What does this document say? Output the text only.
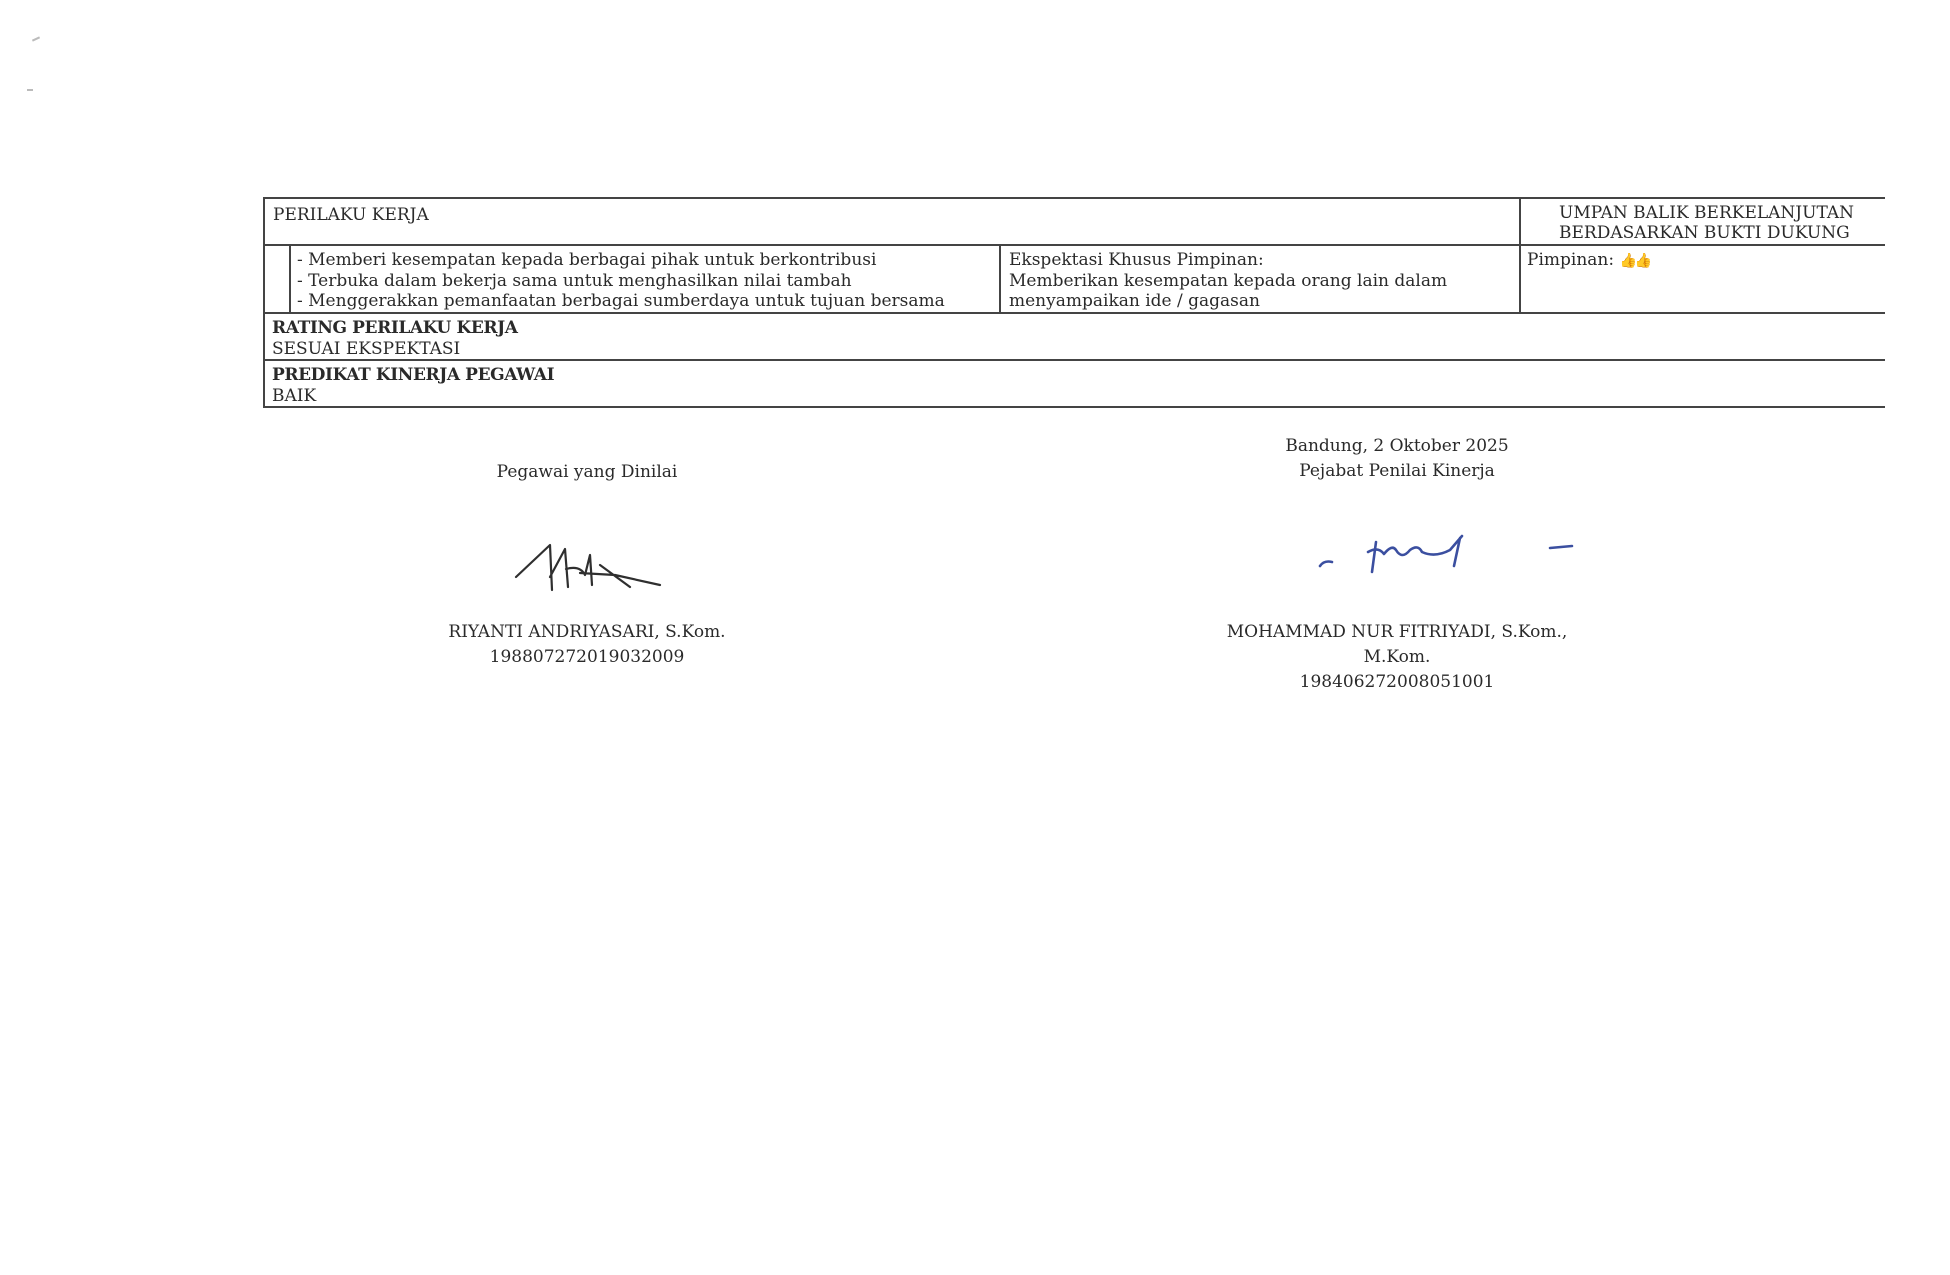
PERILAKU KERJA	UMPAN BALIK BERKELANJUTAN
BERDASARKAN BUKTI DUKUNG
- Memberi kesempatan kepada berbagai pihak untuk berkontribusi
- Terbuka dalam bekerja sama untuk menghasilkan nilai tambah
- Menggerakkan pemanfaatan berbagai sumberdaya untuk tujuan bersama
Ekspektasi Khusus Pimpinan:
Memberikan kesempatan kepada orang lain dalam
menyampaikan ide / gagasan
Pimpinan: 👍👍
RATING PERILAKU KERJA
SESUAI EKSPEKTASI
PREDIKAT KINERJA PEGAWAI
BAIK
Pegawai yang Dinilai
RIYANTI ANDRIYASARI, S.Kom.
198807272019032009
Bandung, 2 Oktober 2025
Pejabat Penilai Kinerja
MOHAMMAD NUR FITRIYADI, S.Kom., M.Kom.
198406272008051001
